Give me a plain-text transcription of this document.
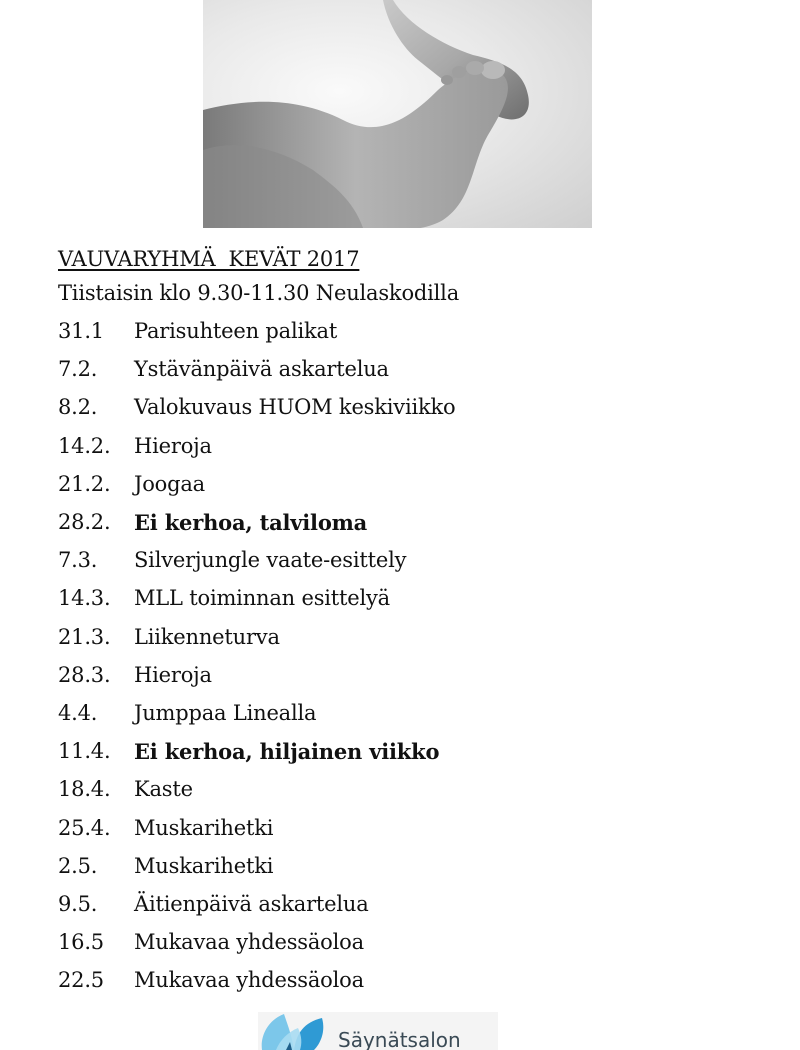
VAUVARYHMÄ  KEVÄT 2017
Tiistaisin klo 9.30-11.30 Neulaskodilla
31.1	Parisuhteen palikat
7.2.	Ystävänpäivä askartelua
8.2.	Valokuvaus HUOM keskiviikko
14.2.	Hieroja
21.2.	Joogaa
28.2.	Ei kerhoa, talviloma
7.3.	Silverjungle vaate-esittely
14.3.	MLL toiminnan esittelyä
21.3.	Liikenneturva
28.3.	Hieroja
4.4.	Jumppaa Linealla
11.4.	Ei kerhoa, hiljainen viikko
18.4.	Kaste
25.4.	Muskarihetki
2.5.	Muskarihetki
9.5.	Äitienpäivä askartelua
16.5	Mukavaa yhdessäoloa
22.5	Mukavaa yhdessäoloa
Säynätsalon
